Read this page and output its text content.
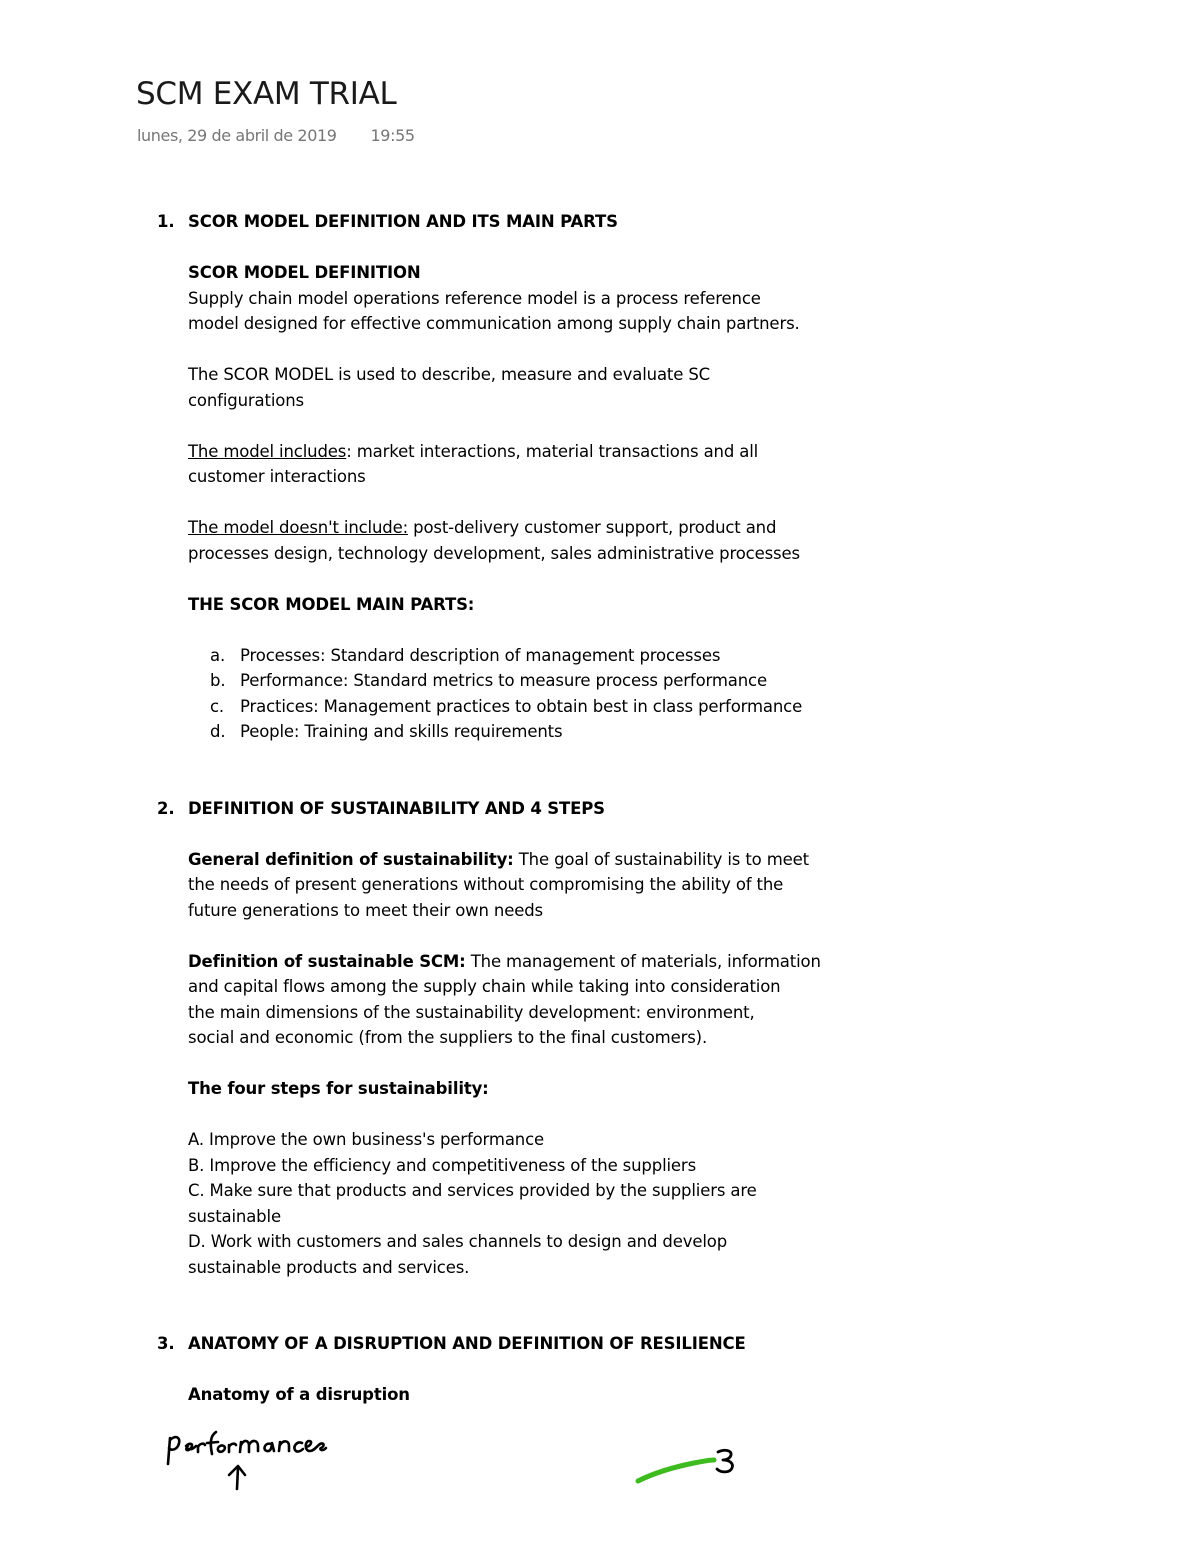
SCM EXAM TRIAL
lunes, 29 de abril de 2019 19:55
1. SCOR MODEL DEFINITION AND ITS MAIN PARTS

SCOR MODEL DEFINITION

Supply chain model operations reference model is a process reference

model designed for effective communication among supply chain partners.

The SCOR MODEL is used to describe, measure and evaluate SC

configurations

The model includes: market interactions, material transactions and all

customer interactions

The model doesn't include: post-delivery customer support, product and

processes design, technology development, sales administrative processes

THE SCOR MODEL MAIN PARTS:

a. Processes: Standard description of management processes
b. Performance: Standard metrics to measure process performance
c. Practices: Management practices to obtain best in class performance
d. People: Training and skills requirements
2. DEFINITION OF SUSTAINABILITY AND 4 STEPS

General definition of sustainability: The goal of sustainability is to meet

the needs of present generations without compromising the ability of the

future generations to meet their own needs

Definition of sustainable SCM: The management of materials, information

and capital flows among the supply chain while taking into consideration

the main dimensions of the sustainability development: environment,

social and economic (from the suppliers to the final customers).

The four steps for sustainability:

A. Improve the own business's performance

B. Improve the efficiency and competitiveness of the suppliers

C. Make sure that products and services provided by the suppliers are

sustainable

D. Work with customers and sales channels to design and develop

sustainable products and services.

3. ANATOMY OF A DISRUPTION AND DEFINITION OF RESILIENCE

Anatomy of a disruption
